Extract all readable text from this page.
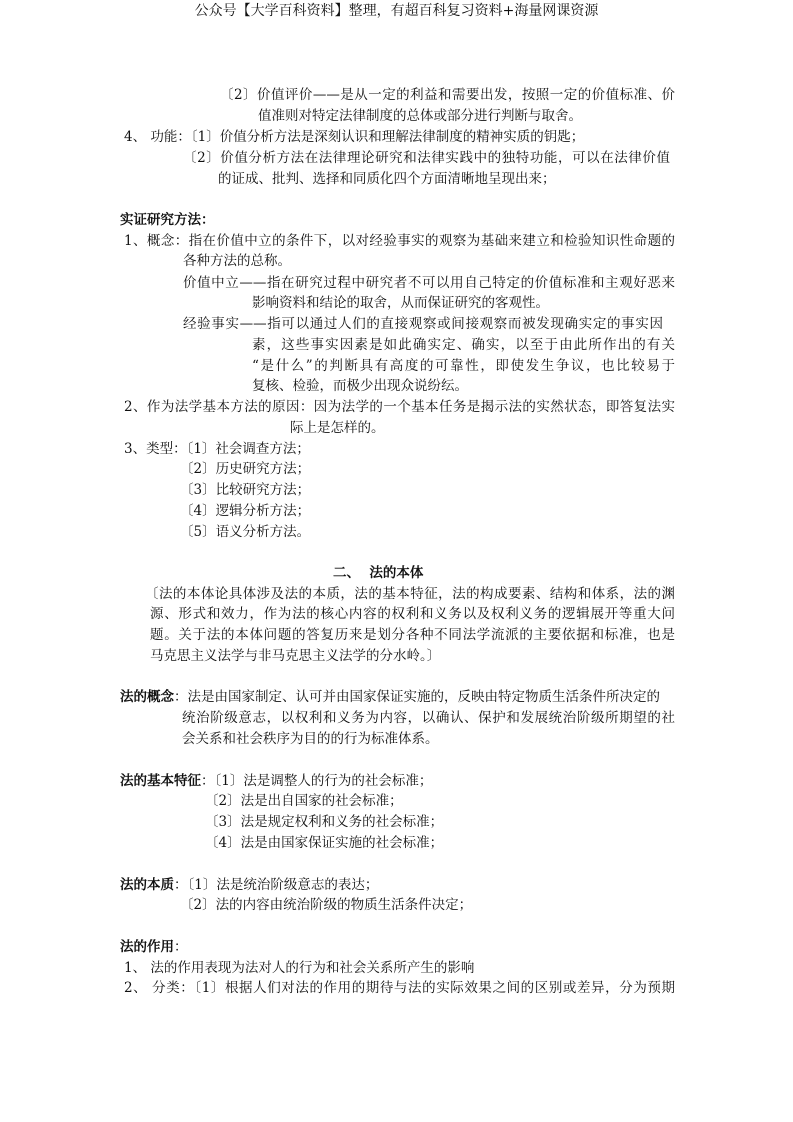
公众号【大学百科资料】整理，有超百科复习资料+海量网课资源
〔2〕价值评价——是从一定的利益和需要出发，按照一定的价值标准、价
值准则对特定法律制度的总体或部分进行判断与取舍。
4、 功能：〔1〕价值分析方法是深刻认识和理解法律制度的精神实质的钥匙；
〔2〕价值分析方法在法律理论研究和法律实践中的独特功能，可以在法律价值
的证成、批判、选择和同质化四个方面清晰地呈现出来；
实证研究方法：
1、概念：指在价值中立的条件下，以对经验事实的观察为基础来建立和检验知识性命题的
各种方法的总称。
价值中立——指在研究过程中研究者不可以用自己特定的价值标准和主观好恶来
影响资料和结论的取舍，从而保证研究的客观性。
经验事实——指可以通过人们的直接观察或间接观察而被发现确实定的事实因
素，这些事实因素是如此确实定、确实，以至于由此所作出的有关
“是什么”的判断具有高度的可靠性，即使发生争议，也比较易于
复核、检验，而极少出现众说纷纭。
2、作为法学基本方法的原因：因为法学的一个基本任务是揭示法的实然状态，即答复法实
际上是怎样的。
3、类型：〔1〕社会调查方法；
〔2〕历史研究方法；
〔3〕比较研究方法；
〔4〕逻辑分析方法；
〔5〕语义分析方法。
二、  法的本体
〔法的本体论具体涉及法的本质，法的基本特征，法的构成要素、结构和体系，法的渊
源、形式和效力，作为法的核心内容的权利和义务以及权利义务的逻辑展开等重大问
题。关于法的本体问题的答复历来是划分各种不同法学流派的主要依据和标准，也是
马克思主义法学与非马克思主义法学的分水岭。〕
法的概念：法是由国家制定、认可并由国家保证实施的，反映由特定物质生活条件所决定的
统治阶级意志，以权利和义务为内容，以确认、保护和发展统治阶级所期望的社
会关系和社会秩序为目的的行为标准体系。
法的基本特征：〔1〕法是调整人的行为的社会标准；
〔2〕法是出自国家的社会标准；
〔3〕法是规定权利和义务的社会标准；
〔4〕法是由国家保证实施的社会标准；
法的本质：〔1〕法是统治阶级意志的表达；
〔2〕法的内容由统治阶级的物质生活条件决定；
法的作用：
1、 法的作用表现为法对人的行为和社会关系所产生的影响
2、 分类：〔1〕根据人们对法的作用的期待与法的实际效果之间的区别或差异，分为预期
